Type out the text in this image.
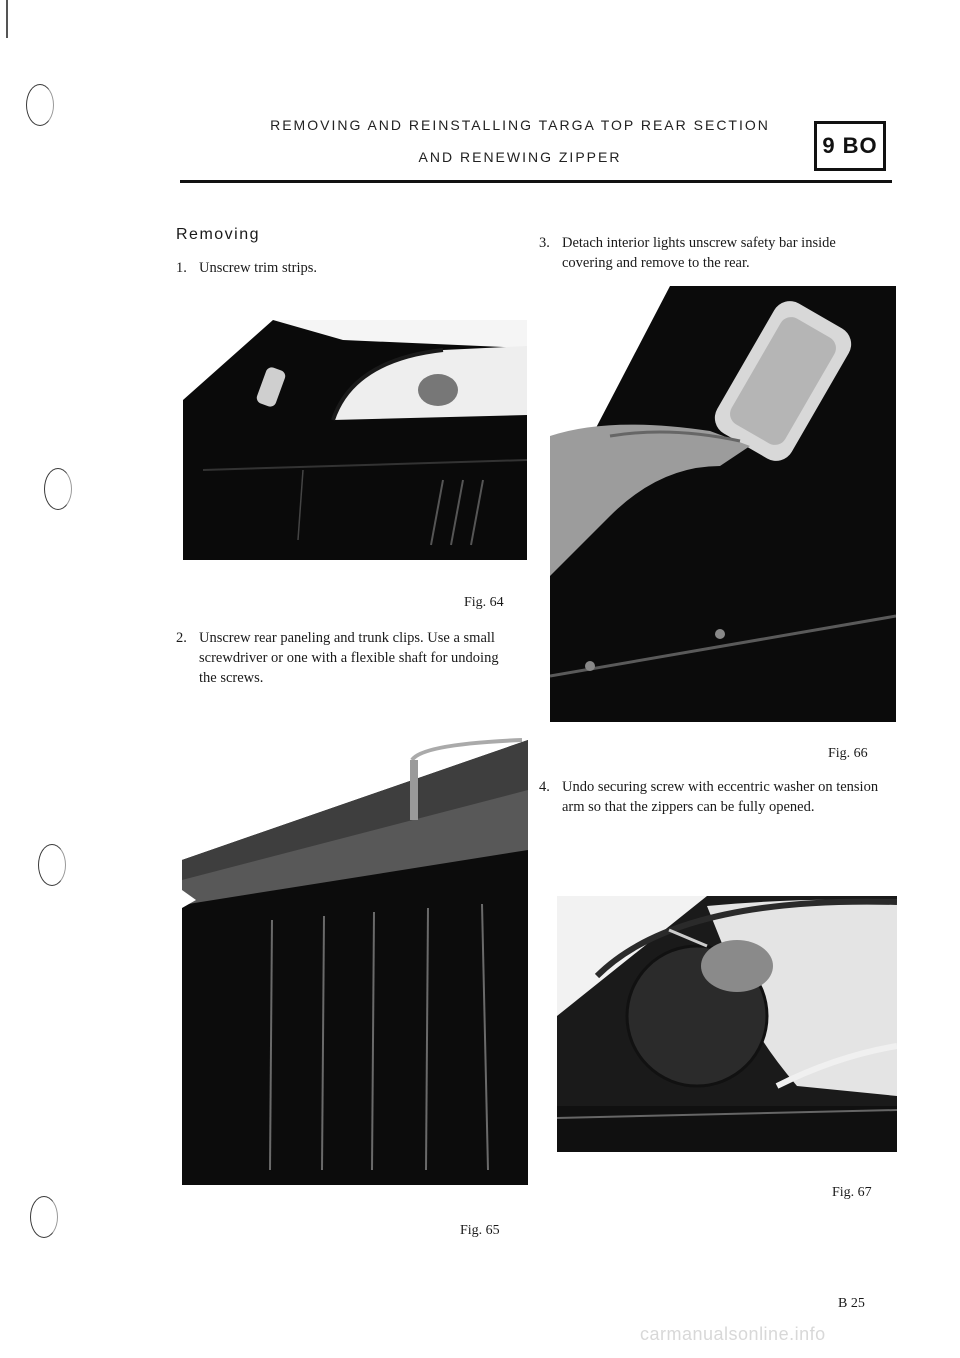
REMOVING AND REINSTALLING TARGA TOP REAR SECTION
AND RENEWING ZIPPER	9 BO
Removing
1. Unscrew trim strips.
Fig. 64
2. Unscrew rear paneling and trunk clips. Use a small screwdriver or one with a flexible shaft for undoing the screws.
Fig. 65
3. Detach interior lights unscrew safety bar inside covering and remove to the rear.
Fig. 66
4. Undo securing screw with eccentric washer on tension arm so that the zippers can be fully opened.
Fig. 67
B 25
carmanualsonline.info
